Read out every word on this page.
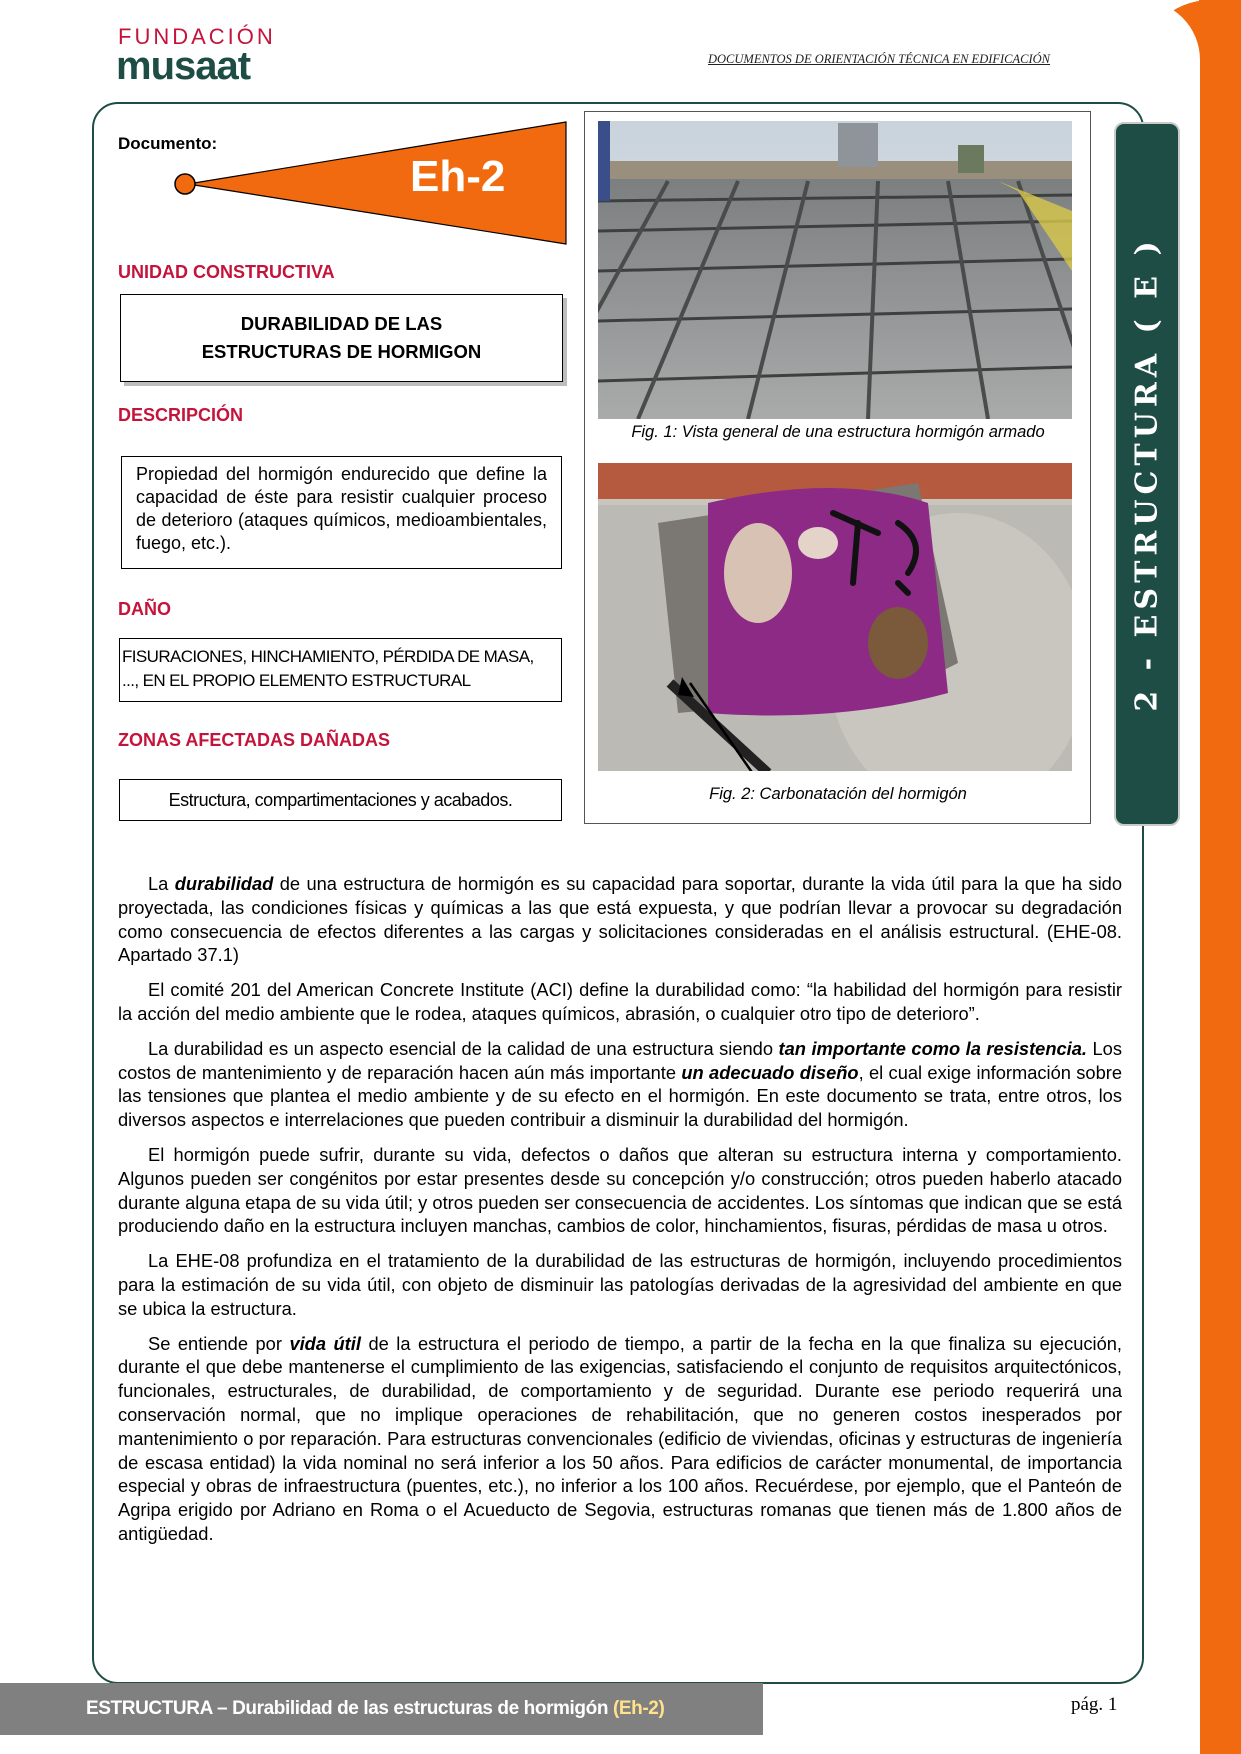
FUNDACIÓN
musaat	DOCUMENTOS DE ORIENTACIÓN TÉCNICA EN EDIFICACIÓN
Documento:
Eh-2
UNIDAD CONSTRUCTIVA
DURABILIDAD DE LAS
ESTRUCTURAS DE HORMIGON
DESCRIPCIÓN
Propiedad del hormigón endurecido que define la capacidad de éste para resistir cualquier proceso de deterioro (ataques químicos, medioambientales, fuego, etc.).
DAÑO
FISURACIONES, HINCHAMIENTO, PÉRDIDA DE MASA,
..., EN EL PROPIO ELEMENTO ESTRUCTURAL
ZONAS AFECTADAS DAÑADAS
Estructura, compartimentaciones y acabados.
Fig. 1: Vista general de una estructura hormigón armado
Fig. 2: Carbonatación del hormigón
2 - ESTRUCTURA ( E )

La durabilidad de una estructura de hormigón es su capacidad para soportar, durante la vida útil para la que ha sido proyectada, las condiciones físicas y químicas a las que está expuesta, y que podrían llevar a provocar su degradación como consecuencia de efectos diferentes a las cargas y solicitaciones consideradas en el análisis estructural. (EHE-08. Apartado 37.1)

El comité 201 del American Concrete Institute (ACI) define la durabilidad como: “la habilidad del hormigón para resistir la acción del medio ambiente que le rodea, ataques químicos, abrasión, o cualquier otro tipo de deterioro”.

La durabilidad es un aspecto esencial de la calidad de una estructura siendo tan importante como la resistencia. Los costos de mantenimiento y de reparación hacen aún más importante un adecuado diseño, el cual exige información sobre las tensiones que plantea el medio ambiente y de su efecto en el hormigón. En este documento se trata, entre otros, los diversos aspectos e interrelaciones que pueden contribuir a disminuir la durabilidad del hormigón.

El hormigón puede sufrir, durante su vida, defectos o daños que alteran su estructura interna y comportamiento. Algunos pueden ser congénitos por estar presentes desde su concepción y/o construcción; otros pueden haberlo atacado durante alguna etapa de su vida útil; y otros pueden ser consecuencia de accidentes. Los síntomas que indican que se está produciendo daño en la estructura incluyen manchas, cambios de color, hinchamientos, fisuras, pérdidas de masa u otros.

La EHE-08 profundiza en el tratamiento de la durabilidad de las estructuras de hormigón, incluyendo procedimientos para la estimación de su vida útil, con objeto de disminuir las patologías derivadas de la agresividad del ambiente en que se ubica la estructura.

Se entiende por vida útil de la estructura el periodo de tiempo, a partir de la fecha en la que finaliza su ejecución, durante el que debe mantenerse el cumplimiento de las exigencias, satisfaciendo el conjunto de requisitos arquitectónicos, funcionales, estructurales, de durabilidad, de comportamiento y de seguridad. Durante ese periodo requerirá una conservación normal, que no implique operaciones de rehabilitación, que no generen costos inesperados por mantenimiento o por reparación. Para estructuras convencionales (edificio de viviendas, oficinas y estructuras de ingeniería de escasa entidad) la vida nominal no será inferior a los 50 años. Para edificios de carácter monumental, de importancia especial y obras de infraestructura (puentes, etc.), no inferior a los 100 años. Recuérdese, por ejemplo, que el Panteón de Agripa erigido por Adriano en Roma o el Acueducto de Segovia, estructuras romanas que tienen más de 1.800 años de antigüedad.

ESTRUCTURA – Durabilidad de las estructuras de hormigón (Eh-2)	pág. 1
